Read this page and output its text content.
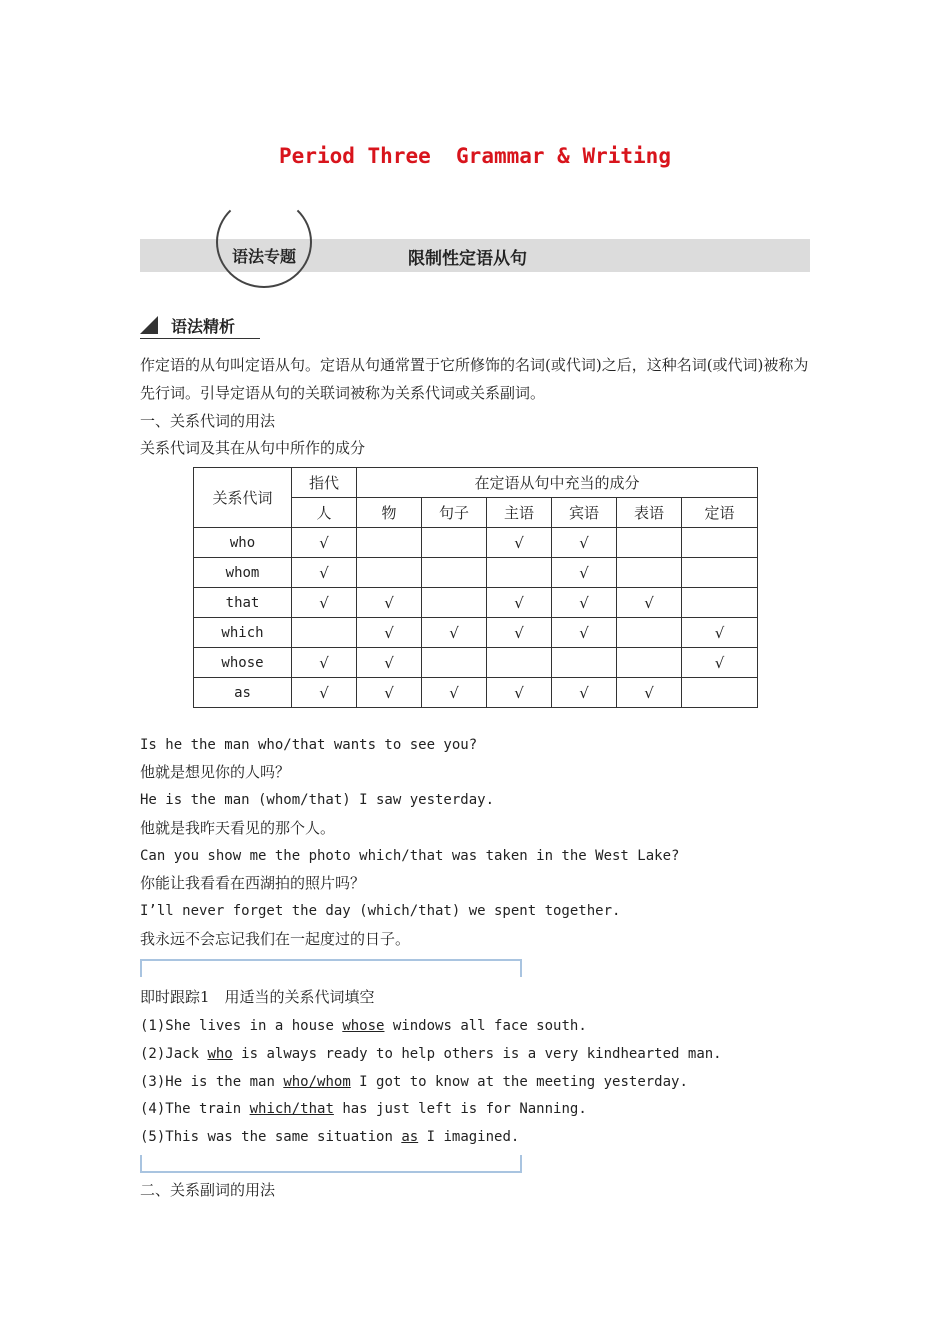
Period Three  Grammar & Writing
语法专题	限制性定语从句
语法精析
作定语的从句叫定语从句。定语从句通常置于它所修饰的名词(或代词)之后，这种名词(或代词)被称为先行词。引导定语从句的关联词被称为关系代词或关系副词。
一、关系代词的用法
关系代词及其在从句中所作的成分
关系代词	指代	在定语从句中充当的成分					
	人	物	句子	主语	宾语	表语	定语
who	√			√	√		
whom	√				√		
that	√	√		√	√	√	
which		√	√	√	√		√
whose	√	√					√
as	√	√	√	√	√	√	
Is he the man who/that wants to see you?
他就是想见你的人吗？
He is the man (whom/that) I saw yesterday.
他就是我昨天看见的那个人。
Can you show me the photo which/that was taken in the West Lake?
你能让我看看在西湖拍的照片吗？
I’ll never forget the day (which/that) we spent together.
我永远不会忘记我们在一起度过的日子。
即时跟踪1　用适当的关系代词填空
(1)She lives in a house whose windows all face south.
(2)Jack who is always ready to help others is a very kindhearted man.
(3)He is the man who/whom I got to know at the meeting yesterday.
(4)The train which/that has just left is for Nanning.
(5)This was the same situation as I imagined.
二、关系副词的用法
